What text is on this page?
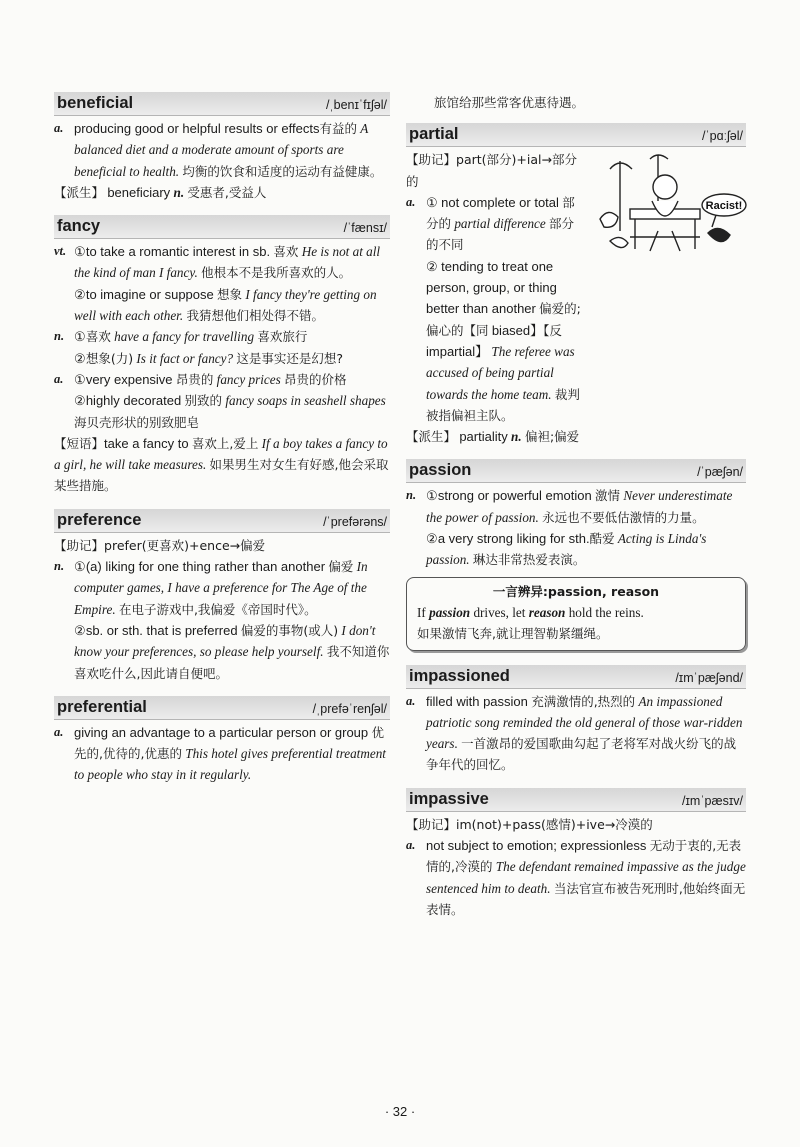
beneficial	/ˌbenɪˈfɪʃəl/
a. producing good or helpful results or effects有益的 A balanced diet and a moderate amount of sports are beneficial to health. 均衡的饮食和适度的运动有益健康。
【派生】 beneficiary n. 受惠者,受益人
fancy	/ˈfænsɪ/
vt. ①to take a romantic interest in sb. 喜欢 He is not at all the kind of man I fancy. 他根本不是我所喜欢的人。
②to imagine or suppose 想象 I fancy they're getting on well with each other. 我猜想他们相处得不错。
n. ①喜欢 have a fancy for travelling 喜欢旅行
②想象(力) Is it fact or fancy? 这是事实还是幻想?
a. ①very expensive 昂贵的 fancy prices 昂贵的价格
②highly decorated 别致的 fancy soaps in seashell shapes 海贝壳形状的别致肥皂
【短语】take a fancy to 喜欢上,爱上 If a boy takes a fancy to a girl, he will take measures. 如果男生对女生有好感,他会采取某些措施。
preference	/ˈprefərəns/
【助记】prefer(更喜欢)+ence→偏爱
n. ①(a) liking for one thing rather than another 偏爱 In computer games, I have a preference for The Age of the Empire. 在电子游戏中,我偏爱《帝国时代》。
②sb. or sth. that is preferred 偏爱的事物(或人) I don't know your preferences, so please help yourself. 我不知道你喜欢吃什么,因此请自便吧。
preferential	/ˌprefəˈrenʃəl/
a. giving an advantage to a particular person or group 优先的,优待的,优惠的 This hotel gives preferential treatment to people who stay in it regularly.
旅馆给那些常客优惠待遇。
partial	/ˈpɑːʃəl/
Racist!
【助记】part(部分)+ial→部分的
a. ① not complete or total 部分的 partial difference 部分的不同
② tending to treat one person, group, or thing better than another 偏爱的;偏心的【同 biased】【反 impartial】 The referee was accused of being partial towards the home team. 裁判被指偏袒主队。
【派生】 partiality n. 偏袒;偏爱
passion	/ˈpæʃən/
n. ①strong or powerful emotion 激情 Never underestimate the power of passion. 永远也不要低估激情的力量。
②a very strong liking for sth.酷爱 Acting is Linda's passion. 琳达非常热爱表演。
一言辨异:passion, reason
If passion drives, let reason hold the reins.
如果激情飞奔,就让理智勒紧缰绳。
impassioned	/ɪmˈpæʃənd/
a. filled with passion 充满激情的,热烈的 An impassioned patriotic song reminded the old general of those war-ridden years. 一首激昂的爱国歌曲勾起了老将军对战火纷飞的战争年代的回忆。
impassive	/ɪmˈpæsɪv/
【助记】im(not)+pass(感情)+ive→冷漠的
a. not subject to emotion; expressionless 无动于衷的,无表情的,冷漠的 The defendant remained impassive as the judge sentenced him to death. 当法官宣布被告死刑时,他始终面无表情。
· 32 ·
